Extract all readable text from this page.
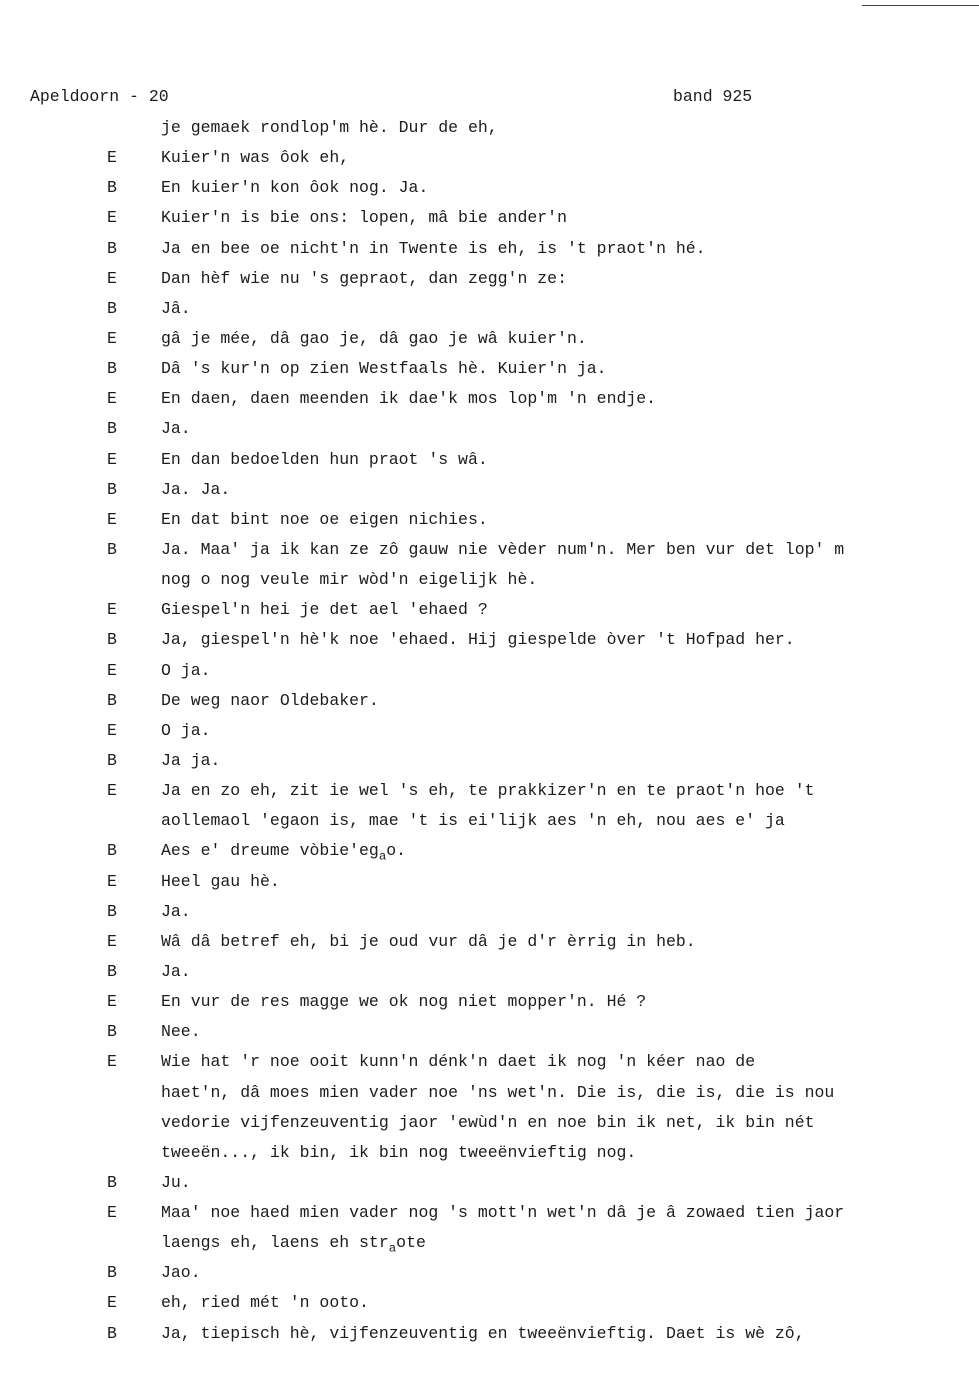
Apeldoorn - 20	band 925
je gemaek rondlop'm hè. Dur de eh,
E	Kuier'n was ôok eh,
B	En kuier'n kon ôok nog. Ja.
E	Kuier'n is bie ons: lopen, mâ bie ander'n
B	Ja en bee oe nicht'n in Twente is eh, is 't praot'n hé.
E	Dan hèf wie nu 's gepraot, dan zegg'n ze:
B	Jâ.
E	gâ je mée, dâ gao je, dâ gao je wâ kuier'n.
B	Dâ 's kur'n op zien Westfaals hè. Kuier'n ja.
E	En daen, daen meenden ik dae'k mos lop'm 'n endje.
B	Ja.
E	En dan bedoelden hun praot 's wâ.
B	Ja. Ja.
E	En dat bint noe oe eigen nichies.
B	Ja. Maa' ja ik kan ze zô gauw nie vèder num'n. Mer ben vur det lop' m
nog o nog veule mir wòd'n eigelijk hè.
E	Giespel'n hei je det ael 'ehaed ?
B	Ja, giespel'n hè'k noe 'ehaed. Hij giespelde òver 't Hofpad her.
E	O ja.
B	De weg naor Oldebaker.
E	O ja.
B	Ja ja.
E	Ja en zo eh, zit ie wel 's eh, te prakkizer'n en te praot'n hoe 't
aollemaol 'egaon is, mae 't is ei'lijk aes 'n eh, nou aes e' ja
B	Aes e' dreume $vòbie'eg_ao$.
E	Heel gau hè.
B	Ja.
E	Wâ dâ betref eh, bi je oud vur dâ je d'r èrrig in heb.
B	Ja.
E	En vur de res magge we ok nog niet mopper'n. Hé ?
B	Nee.
E	Wie hat 'r noe ooit kunn'n dénk'n daet ik nog 'n kéer nao de
haet'n, dâ moes mien vader noe 'ns wet'n. Die is, die is, die is nou
vedorie vijfenzeuventig jaor 'ewùd'n en noe bin ik net, ik bin nét
tweeën..., ik bin, ik bin nog tweeënvieftig nog.
B	Ju.
E	Maa' noe haed mien vader nog 's mott'n wet'n dâ je â zowaed tien jaor
laengs eh, laens eh str$_a$ote
B	Jao.
E	eh, ried mét 'n ooto.
B	Ja, tiepisch hè, vijfenzeuventig en tweeënvieftig. Daet is wè zô,
